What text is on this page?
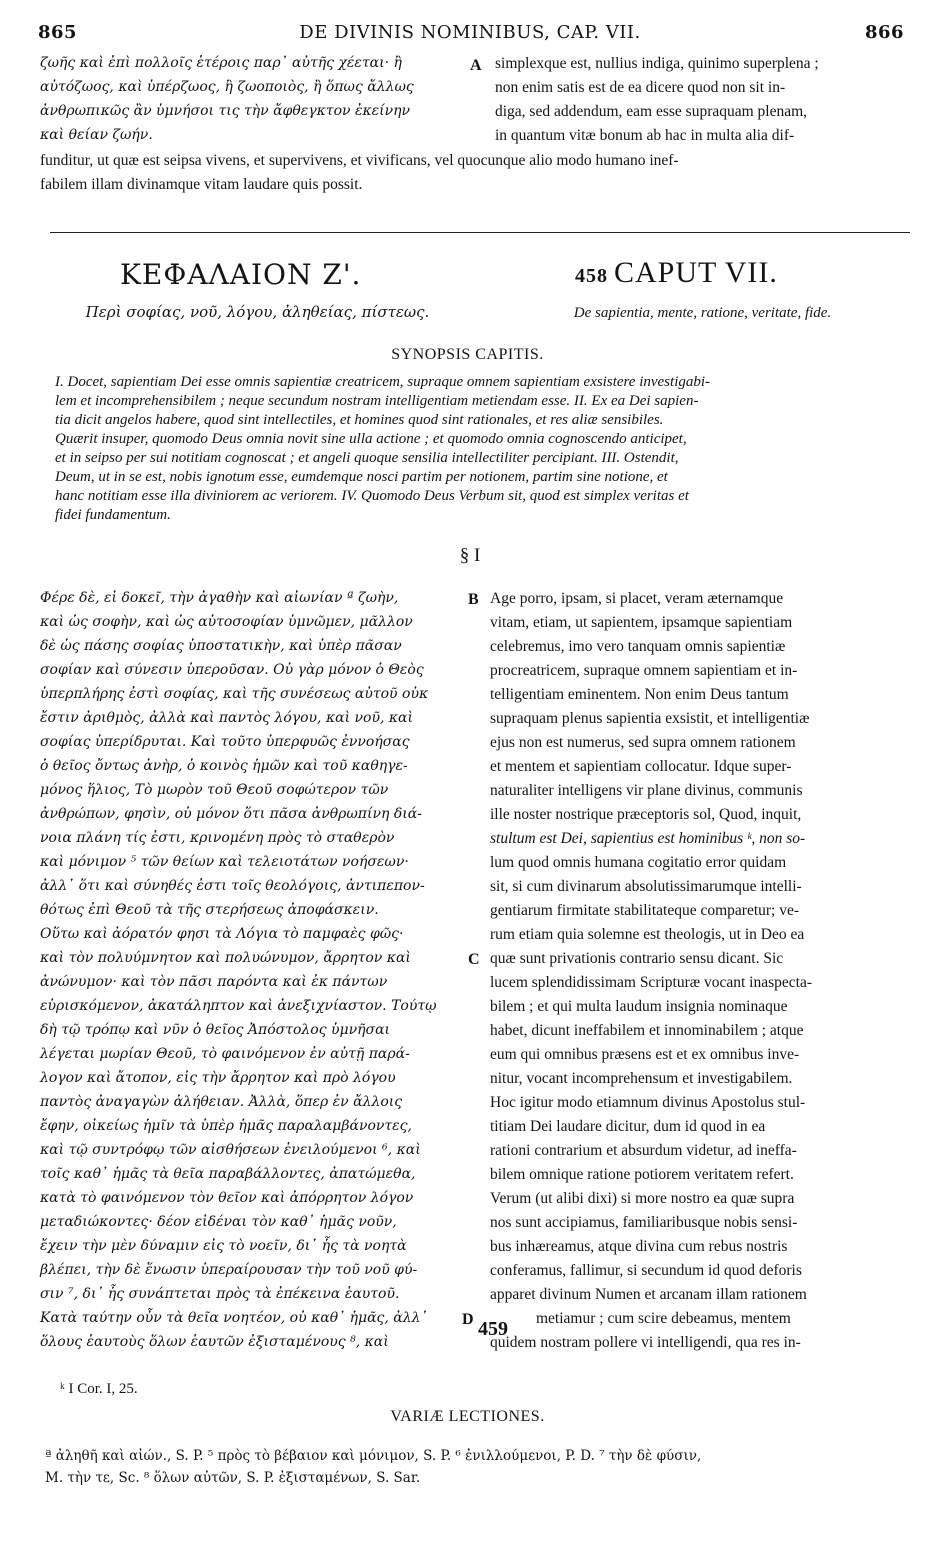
865	DE DIVINIS NOMINIBUS, CAP. VII.	866
ζωῆς καὶ ἐπὶ πολλοῖς ἑτέροις παρ᾿ αὐτῆς χέεται· ἢ
αὐτόζωος, καὶ ὑπέρζωος, ἢ ζωοποιὸς, ἢ ὅπως ἄλλως
ἀνθρωπικῶς ἂν ὑμνήσοι τις τὴν ἄφθεγκτον ἐκείνην
καὶ θείαν ζωήν.
A simplexque est, nullius indiga, quinimo superplena ;
non enim satis est de ea dicere quod non sit in-
diga, sed addendum, eam esse supraquam plenam,
in quantum vitæ bonum ab hac in multa alia dif-
funditur, ut quæ est seipsa vivens, et supervivens, et vivificans, vel quocunque alio modo humano inef-
fabilem illam divinamque vitam laudare quis possit.
ΚΕΦΑΛΑΙΟΝ Ζ'.	458 CAPUT VII.
Περὶ σοφίας, νοῦ, λόγου, ἀληθείας, πίστεως.	De sapientia, mente, ratione, veritate, fide.
SYNOPSIS CAPITIS.
I. Docet, sapientiam Dei esse omnis sapientiæ creatricem, supraque omnem sapientiam exsistere investigabi-
lem et incomprehensibilem ; neque secundum nostram intelligentiam metiendam esse. II. Ex ea Dei sapien-
tia dicit angelos habere, quod sint intellectiles, et homines quod sint rationales, et res aliæ sensibiles.
Quærit insuper, quomodo Deus omnia novit sine ulla actione ; et quomodo omnia cognoscendo anticipet,
et in seipso per sui notitiam cognoscat ; et angeli quoque sensilia intellectiliter percipiant. III. Ostendit,
Deum, ut in se est, nobis ignotum esse, eumdemque nosci partim per notionem, partim sine notione, et
hanc notitiam esse illa diviniorem ac veriorem. IV. Quomodo Deus Verbum sit, quod est simplex veritas et
fidei fundamentum.
§ I
Φέρε δὲ, εἰ δοκεῖ, τὴν ἀγαθὴν καὶ αἰωνίαν ª ζωὴν,
καὶ ὡς σοφὴν, καὶ ὡς αὐτοσοφίαν ὑμνῶμεν, μᾶλλον
δὲ ὡς πάσης σοφίας ὑποστατικὴν, καὶ ὑπὲρ πᾶσαν
σοφίαν καὶ σύνεσιν ὑπεροῦσαν. Οὐ γὰρ μόνον ὁ Θεὸς
ὑπερπλήρης ἐστὶ σοφίας, καὶ τῆς συνέσεως αὐτοῦ οὐκ
ἔστιν ἀριθμὸς, ἀλλὰ καὶ παντὸς λόγου, καὶ νοῦ, καὶ
σοφίας ὑπερίδρυται. Καὶ τοῦτο ὑπερφυῶς ἐννοήσας
ὁ θεῖος ὄντως ἀνὴρ, ὁ κοινὸς ἡμῶν καὶ τοῦ καθηγε-
μόνος ἥλιος, Τὸ μωρὸν τοῦ Θεοῦ σοφώτερον τῶν
ἀνθρώπων, φησὶν, οὐ μόνον ὅτι πᾶσα ἀνθρωπίνη διά-
νοια πλάνη τίς ἐστι, κρινομένη πρὸς τὸ σταθερὸν
καὶ μόνιμον ⁵ τῶν θείων καὶ τελειοτάτων νοήσεων·
ἀλλ᾿ ὅτι καὶ σύνηθές ἐστι τοῖς θεολόγοις, ἀντιπεπον-
θότως ἐπὶ Θεοῦ τὰ τῆς στερήσεως ἀποφάσκειν.
Οὕτω καὶ ἀόρατόν φησι τὰ Λόγια τὸ παμφαὲς φῶς·
καὶ τὸν πολυύμνητον καὶ πολυώνυμον, ἄρρητον καὶ
ἀνώνυμον· καὶ τὸν πᾶσι παρόντα καὶ ἐκ πάντων
εὑρισκόμενον, ἀκατάληπτον καὶ ἀνεξιχνίαστον. Τούτῳ
δὴ τῷ τρόπῳ καὶ νῦν ὁ θεῖος Ἀπόστολος ὑμνῆσαι
λέγεται μωρίαν Θεοῦ, τὸ φαινόμενον ἐν αὐτῇ παρά-
λογον καὶ ἄτοπον, εἰς τὴν ἄρρητον καὶ πρὸ λόγου
παντὸς ἀναγαγὼν ἀλήθειαν. Ἀλλὰ, ὅπερ ἐν ἄλλοις
ἔφην, οἰκείως ἡμῖν τὰ ὑπὲρ ἡμᾶς παραλαμβάνοντες,
καὶ τῷ συντρόφῳ τῶν αἰσθήσεων ἐνειλούμενοι ⁶, καὶ
τοῖς καθ᾿ ἡμᾶς τὰ θεῖα παραβάλλοντες, ἀπατώμεθα,
κατὰ τὸ φαινόμενον τὸν θεῖον καὶ ἀπόρρητον λόγον
μεταδιώκοντες· δέον εἰδέναι τὸν καθ᾿ ἡμᾶς νοῦν,
ἔχειν τὴν μὲν δύναμιν εἰς τὸ νοεῖν, δι᾿ ἧς τὰ νοητὰ
βλέπει, τὴν δὲ ἕνωσιν ὑπεραίρουσαν τὴν τοῦ νοῦ φύ-
σιν ⁷, δι᾿ ἧς συνάπτεται πρὸς τὰ ἐπέκεινα ἑαυτοῦ.
Κατὰ ταύτην οὖν τὰ θεῖα νοητέον, οὐ καθ᾿ ἡμᾶς, ἀλλ᾿
ὅλους ἑαυτοὺς ὅλων ἑαυτῶν ἐξισταμένους ⁸, καὶ
B
C
D 459
Age porro, ipsam, si placet, veram æternamque
vitam, etiam, ut sapientem, ipsamque sapientiam
celebremus, imo vero tanquam omnis sapientiæ
procreatricem, supraque omnem sapientiam et in-
telligentiam eminentem. Non enim Deus tantum
supraquam plenus sapientia exsistit, et intelligentiæ
ejus non est numerus, sed supra omnem rationem
et mentem et sapientiam collocatur. Idque super-
naturaliter intelligens vir plane divinus, communis
ille noster nostrique præceptoris sol, Quod, inquit,
stultum est Dei, sapientius est hominibus ᵏ, non so-
lum quod omnis humana cogitatio error quidam
sit, si cum divinarum absolutissimarumque intelli-
gentiarum firmitate stabilitateque comparetur; ve-
rum etiam quia solemne est theologis, ut in Deo ea
quæ sunt privationis contrario sensu dicant. Sic
lucem splendidissimam Scripturæ vocant inaspecta-
bilem ; et qui multa laudum insignia nominaque
habet, dicunt ineffabilem et innominabilem ; atque
eum qui omnibus præsens est et ex omnibus inve-
nitur, vocant incomprehensum et investigabilem.
Hoc igitur modo etiamnum divinus Apostolus stul-
titiam Dei laudare dicitur, dum id quod in ea
rationi contrarium et absurdum videtur, ad ineffa-
bilem omnique ratione potiorem veritatem refert.
Verum (ut alibi dixi) si more nostro ea quæ supra
nos sunt accipiamus, familiaribusque nobis sensi-
bus inhæreamus, atque divina cum rebus nostris
conferamus, fallimur, si secundum id quod deforis
apparet divinum Numen et arcanam illam rationem
metiamur ; cum scire debeamus, mentem
quidem nostram pollere vi intelligendi, qua res in-
ᵏ I Cor. I, 25.
VARIÆ LECTIONES.
ª ἀληθῆ καὶ αἰών., S. P. ⁵ πρὸς τὸ βέβαιον καὶ μόνιμον, S. P. ⁶ ἐνιλλούμενοι, P. D. ⁷ τὴν δὲ φύσιν,
M. τὴν τε, Sc. ⁸ ὅλων αὐτῶν, S. P. ἐξισταμένων, S. Sar.
